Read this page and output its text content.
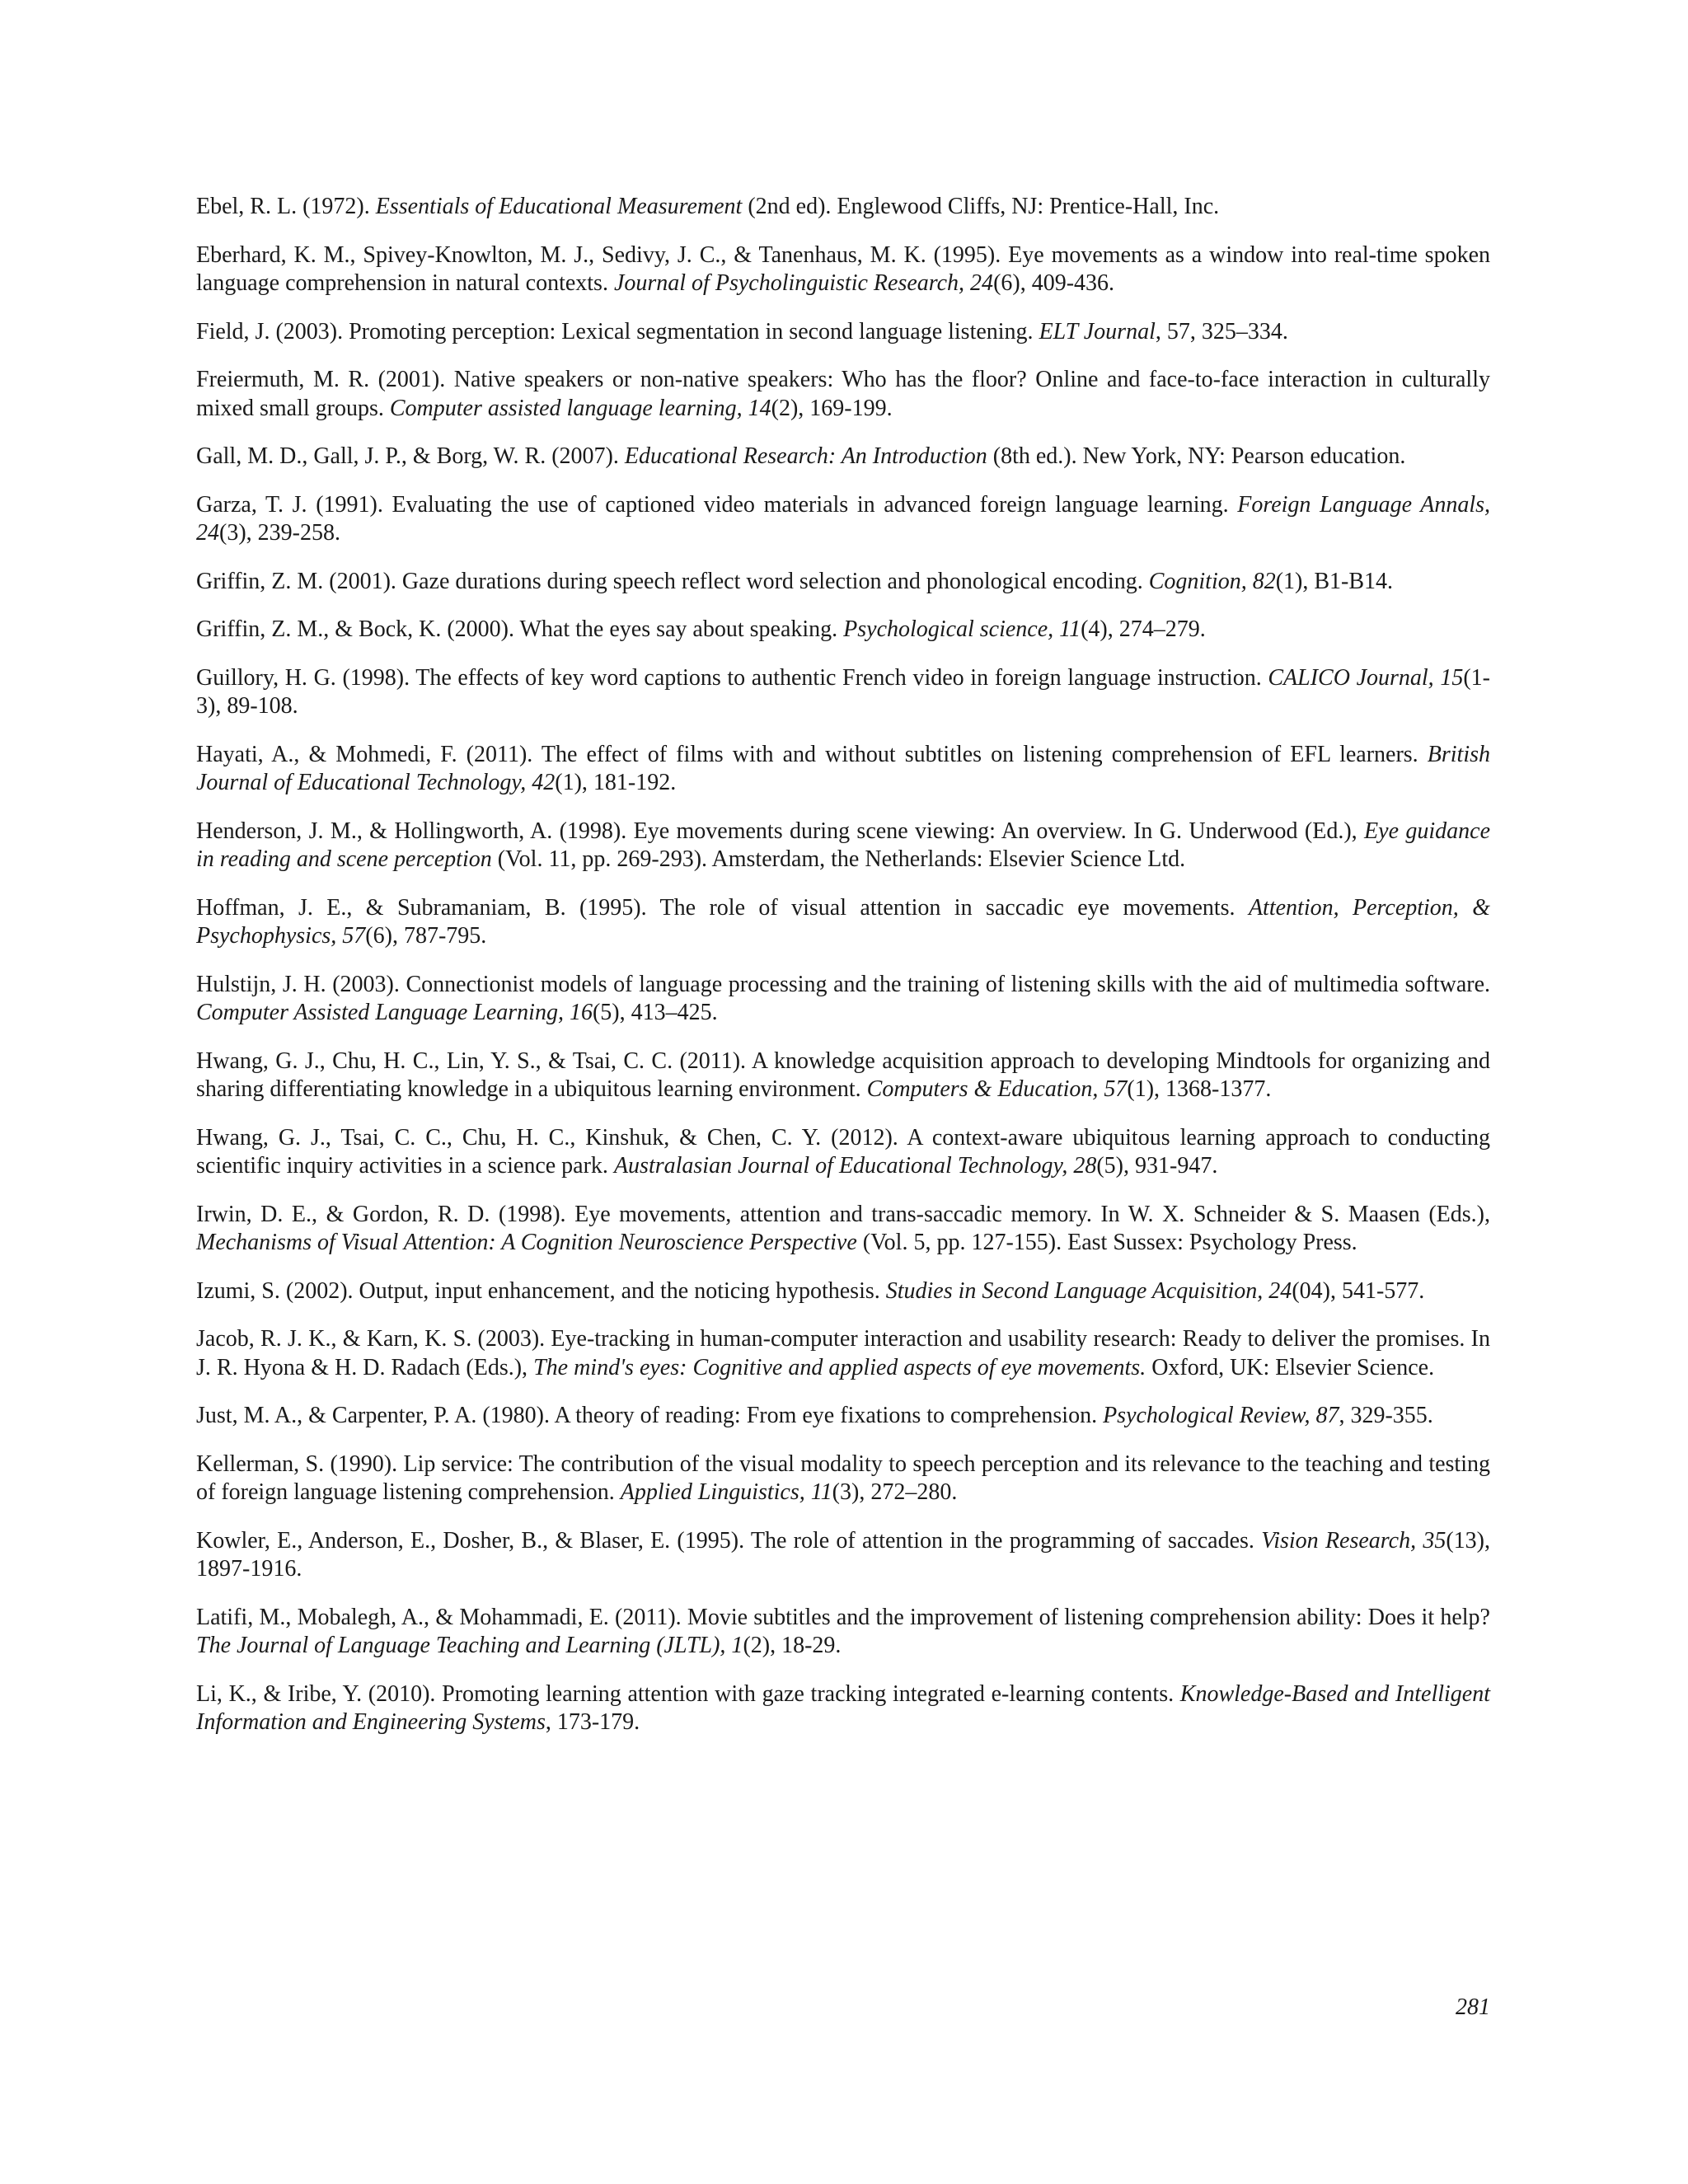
Ebel, R. L. (1972). Essentials of Educational Measurement (2nd ed). Englewood Cliffs, NJ: Prentice-Hall, Inc.

Eberhard, K. M., Spivey-Knowlton, M. J., Sedivy, J. C., & Tanenhaus, M. K. (1995). Eye movements as a window into real-time spoken language comprehension in natural contexts. Journal of Psycholinguistic Research, 24(6), 409-436.

Field, J. (2003). Promoting perception: Lexical segmentation in second language listening. ELT Journal, 57, 325–334.

Freiermuth, M. R. (2001). Native speakers or non-native speakers: Who has the floor? Online and face-to-face interaction in culturally mixed small groups. Computer assisted language learning, 14(2), 169-199.

Gall, M. D., Gall, J. P., & Borg, W. R. (2007). Educational Research: An Introduction (8th ed.). New York, NY: Pearson education.

Garza, T. J. (1991). Evaluating the use of captioned video materials in advanced foreign language learning. Foreign Language Annals, 24(3), 239-258.

Griffin, Z. M. (2001). Gaze durations during speech reflect word selection and phonological encoding. Cognition, 82(1), B1-B14.

Griffin, Z. M., & Bock, K. (2000). What the eyes say about speaking. Psychological science, 11(4), 274–279.

Guillory, H. G. (1998). The effects of key word captions to authentic French video in foreign language instruction. CALICO Journal, 15(1-3), 89-108.

Hayati, A., & Mohmedi, F. (2011). The effect of films with and without subtitles on listening comprehension of EFL learners. British Journal of Educational Technology, 42(1), 181-192.

Henderson, J. M., & Hollingworth, A. (1998). Eye movements during scene viewing: An overview. In G. Underwood (Ed.), Eye guidance in reading and scene perception (Vol. 11, pp. 269-293). Amsterdam, the Netherlands: Elsevier Science Ltd.

Hoffman, J. E., & Subramaniam, B. (1995). The role of visual attention in saccadic eye movements. Attention, Perception, & Psychophysics, 57(6), 787-795.

Hulstijn, J. H. (2003). Connectionist models of language processing and the training of listening skills with the aid of multimedia software. Computer Assisted Language Learning, 16(5), 413–425.

Hwang, G. J., Chu, H. C., Lin, Y. S., & Tsai, C. C. (2011). A knowledge acquisition approach to developing Mindtools for organizing and sharing differentiating knowledge in a ubiquitous learning environment. Computers & Education, 57(1), 1368-1377.

Hwang, G. J., Tsai, C. C., Chu, H. C., Kinshuk, & Chen, C. Y. (2012). A context-aware ubiquitous learning approach to conducting scientific inquiry activities in a science park. Australasian Journal of Educational Technology, 28(5), 931-947.

Irwin, D. E., & Gordon, R. D. (1998). Eye movements, attention and trans-saccadic memory. In W. X. Schneider & S. Maasen (Eds.), Mechanisms of Visual Attention: A Cognition Neuroscience Perspective (Vol. 5, pp. 127-155). East Sussex: Psychology Press.

Izumi, S. (2002). Output, input enhancement, and the noticing hypothesis. Studies in Second Language Acquisition, 24(04), 541-577.

Jacob, R. J. K., & Karn, K. S. (2003). Eye-tracking in human-computer interaction and usability research: Ready to deliver the promises. In J. R. Hyona & H. D. Radach (Eds.), The mind's eyes: Cognitive and applied aspects of eye movements. Oxford, UK: Elsevier Science.

Just, M. A., & Carpenter, P. A. (1980). A theory of reading: From eye fixations to comprehension. Psychological Review, 87, 329-355.

Kellerman, S. (1990). Lip service: The contribution of the visual modality to speech perception and its relevance to the teaching and testing of foreign language listening comprehension. Applied Linguistics, 11(3), 272–280.

Kowler, E., Anderson, E., Dosher, B., & Blaser, E. (1995). The role of attention in the programming of saccades. Vision Research, 35(13), 1897-1916.

Latifi, M., Mobalegh, A., & Mohammadi, E. (2011). Movie subtitles and the improvement of listening comprehension ability: Does it help? The Journal of Language Teaching and Learning (JLTL), 1(2), 18-29.

Li, K., & Iribe, Y. (2010). Promoting learning attention with gaze tracking integrated e-learning contents. Knowledge-Based and Intelligent Information and Engineering Systems, 173-179.

281
